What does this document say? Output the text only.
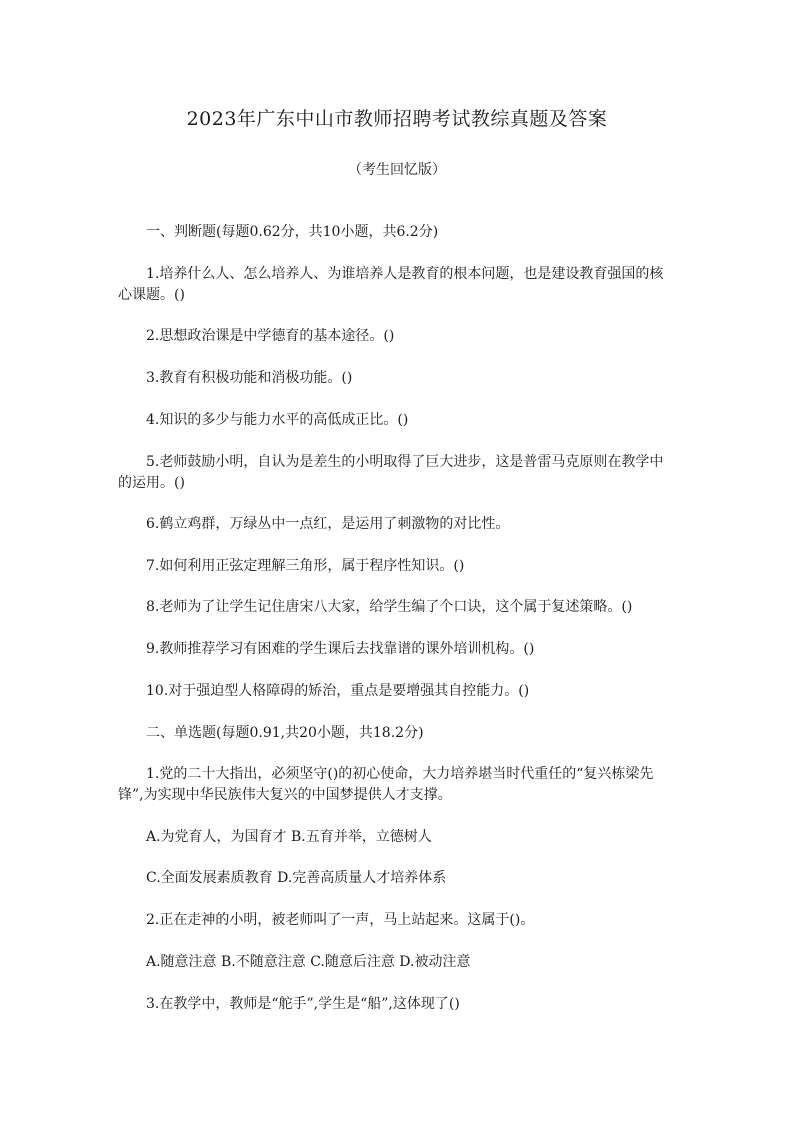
2023年广东中山市教师招聘考试教综真题及答案
（考生回忆版）
一、判断题(每题0.62分，共10小题，共6.2分)
1.培养什么人、怎么培养人、为谁培养人是教育的根本问题，也是建设教育强国的核
心课题。()
2.思想政治课是中学德育的基本途径。()
3.教育有积极功能和消极功能。()
4.知识的多少与能力水平的高低成正比。()
5.老师鼓励小明，自认为是差生的小明取得了巨大进步，这是普雷马克原则在教学中
的运用。()
6.鹤立鸡群，万绿丛中一点红，是运用了刺激物的对比性。
7.如何利用正弦定理解三角形，属于程序性知识。()
8.老师为了让学生记住唐宋八大家，给学生编了个口诀，这个属于复述策略。()
9.教师推荐学习有困难的学生课后去找靠谱的课外培训机构。()
10.对于强迫型人格障碍的矫治，重点是要增强其自控能力。()
二、单选题(每题0.91,共20小题，共18.2分)
1.党的二十大指出，必须坚守()的初心使命，大力培养堪当时代重任的“复兴栋梁先
锋”,为实现中华民族伟大复兴的中国梦提供人才支撑。
A.为党育人，为国育才 B.五育并举，立德树人
C.全面发展素质教育 D.完善高质量人才培养体系
2.正在走神的小明，被老师叫了一声，马上站起来。这属于()。
A.随意注意 B.不随意注意 C.随意后注意 D.被动注意
3.在教学中，教师是“舵手”,学生是“船”,这体现了()
